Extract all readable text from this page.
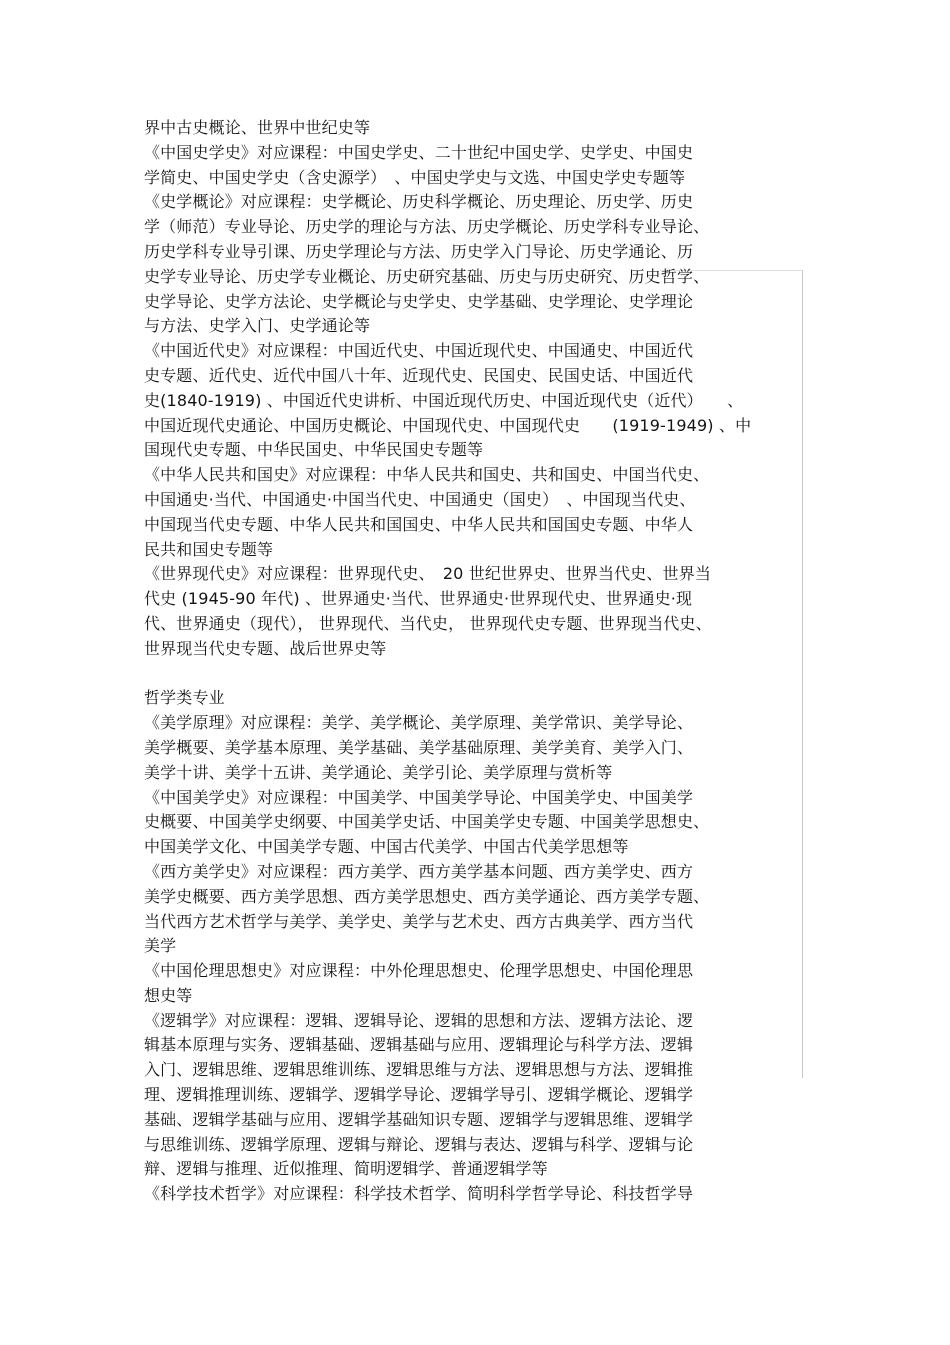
界中古史概论、世界中世纪史等
《中国史学史》对应课程：中国史学史、二十世纪中国史学、史学史、中国史
学简史、中国史学史（含史源学）　、中国史学史与文选、中国史学史专题等
《史学概论》对应课程：史学概论、历史科学概论、历史理论、历史学、历史
学（师范）专业导论、历史学的理论与方法、历史学概论、历史学科专业导论、
历史学科专业导引课、历史学理论与方法、历史学入门导论、历史学通论、历
史学专业导论、历史学专业概论、历史研究基础、历史与历史研究、历史哲学、
史学导论、史学方法论、史学概论与史学史、史学基础、史学理论、史学理论
与方法、史学入门、史学通论等
《中国近代史》对应课程：中国近代史、中国近现代史、中国通史、中国近代
史专题、近代史、近代中国八十年、近现代史、民国史、民国史话、中国近代
史(1840-1919) 、中国近代史讲析、中国近现代历史、中国近现代史（近代）　　、
中国近现代史通论、中国历史概论、中国现代史、中国现代史　　(1919-1949) 、中
国现代史专题、中华民国史、中华民国史专题等
《中华人民共和国史》对应课程：中华人民共和国史、共和国史、中国当代史、
中国通史·当代、中国通史·中国当代史、中国通史（国史）　、中国现当代史、
中国现当代史专题、中华人民共和国国史、中华人民共和国国史专题、中华人
民共和国史专题等
《世界现代史》对应课程：世界现代史、　20 世纪世界史、世界当代史、世界当
代史 (1945-90 年代) 、世界通史·当代、世界通史·世界现代史、世界通史·现
代、世界通史（现代）， 世界现代、当代史， 世界现代史专题、世界现当代史、
世界现当代史专题、战后世界史等
哲学类专业
《美学原理》对应课程：美学、美学概论、美学原理、美学常识、美学导论、
美学概要、美学基本原理、美学基础、美学基础原理、美学美育、美学入门、
美学十讲、美学十五讲、美学通论、美学引论、美学原理与赏析等
《中国美学史》对应课程：中国美学、中国美学导论、中国美学史、中国美学
史概要、中国美学史纲要、中国美学史话、中国美学史专题、中国美学思想史、
中国美学文化、中国美学专题、中国古代美学、中国古代美学思想等
《西方美学史》对应课程：西方美学、西方美学基本问题、西方美学史、西方
美学史概要、西方美学思想、西方美学思想史、西方美学通论、西方美学专题、
当代西方艺术哲学与美学、美学史、美学与艺术史、西方古典美学、西方当代
美学
《中国伦理思想史》对应课程：中外伦理思想史、伦理学思想史、中国伦理思
想史等
《逻辑学》对应课程：逻辑、逻辑导论、逻辑的思想和方法、逻辑方法论、逻
辑基本原理与实务、逻辑基础、逻辑基础与应用、逻辑理论与科学方法、逻辑
入门、逻辑思维、逻辑思维训练、逻辑思维与方法、逻辑思想与方法、逻辑推
理、逻辑推理训练、逻辑学、逻辑学导论、逻辑学导引、逻辑学概论、逻辑学
基础、逻辑学基础与应用、逻辑学基础知识专题、逻辑学与逻辑思维、逻辑学
与思维训练、逻辑学原理、逻辑与辩论、逻辑与表达、逻辑与科学、逻辑与论
辩、逻辑与推理、近似推理、简明逻辑学、普通逻辑学等
《科学技术哲学》对应课程：科学技术哲学、简明科学哲学导论、科技哲学导
